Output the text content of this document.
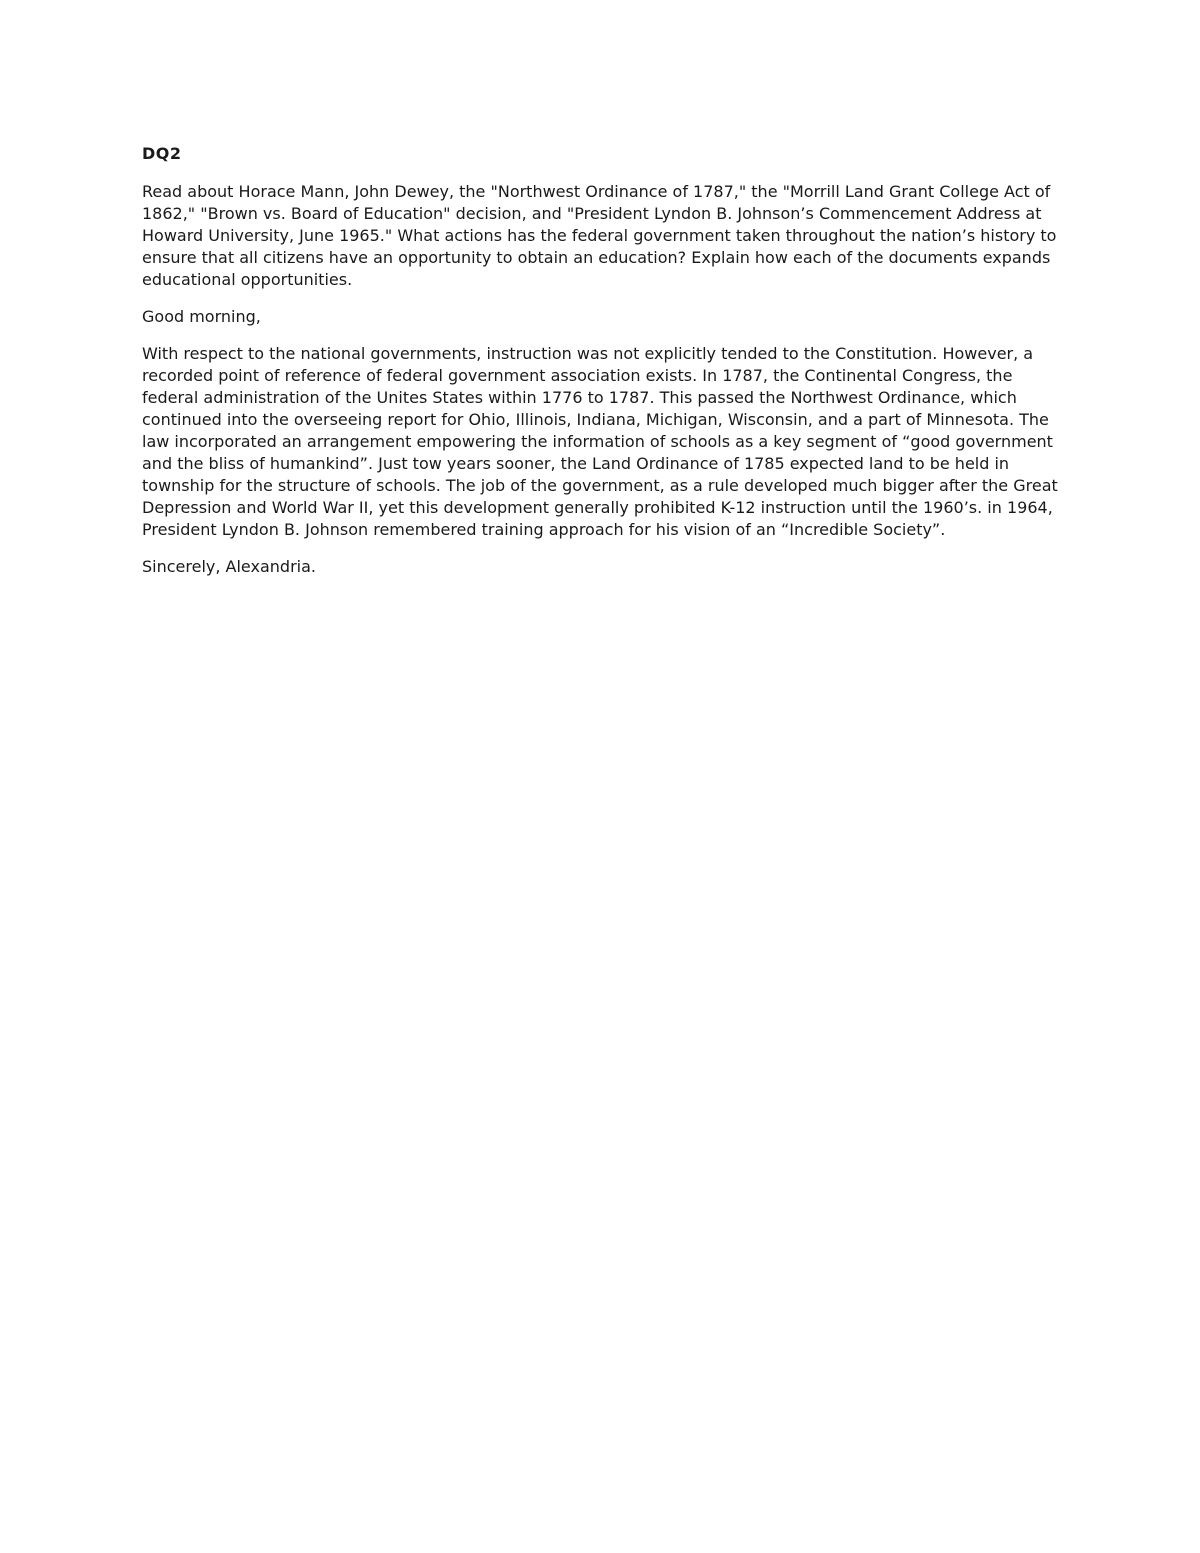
DQ2

Read about Horace Mann, John Dewey, the "Northwest Ordinance of 1787," the "Morrill Land Grant College Act of 1862," "Brown vs. Board of Education" decision, and "President Lyndon B. Johnson’s Commencement Address at Howard University, June 1965." What actions has the federal government taken throughout the nation’s history to ensure that all citizens have an opportunity to obtain an education? Explain how each of the documents expands educational opportunities.

Good morning,

With respect to the national governments, instruction was not explicitly tended to the Constitution. However, a recorded point of reference of federal government association exists. In 1787, the Continental Congress, the federal administration of the Unites States within 1776 to 1787. This passed the Northwest Ordinance, which continued into the overseeing report for Ohio, Illinois, Indiana, Michigan, Wisconsin, and a part of Minnesota. The law incorporated an arrangement empowering the information of schools as a key segment of “good government and the bliss of humankind”. Just tow years sooner, the Land Ordinance of 1785 expected land to be held in township for the structure of schools. The job of the government, as a rule developed much bigger after the Great Depression and World War II, yet this development generally prohibited K-12 instruction until the 1960’s. in 1964, President Lyndon B. Johnson remembered training approach for his vision of an “Incredible Society”.

Sincerely, Alexandria.
